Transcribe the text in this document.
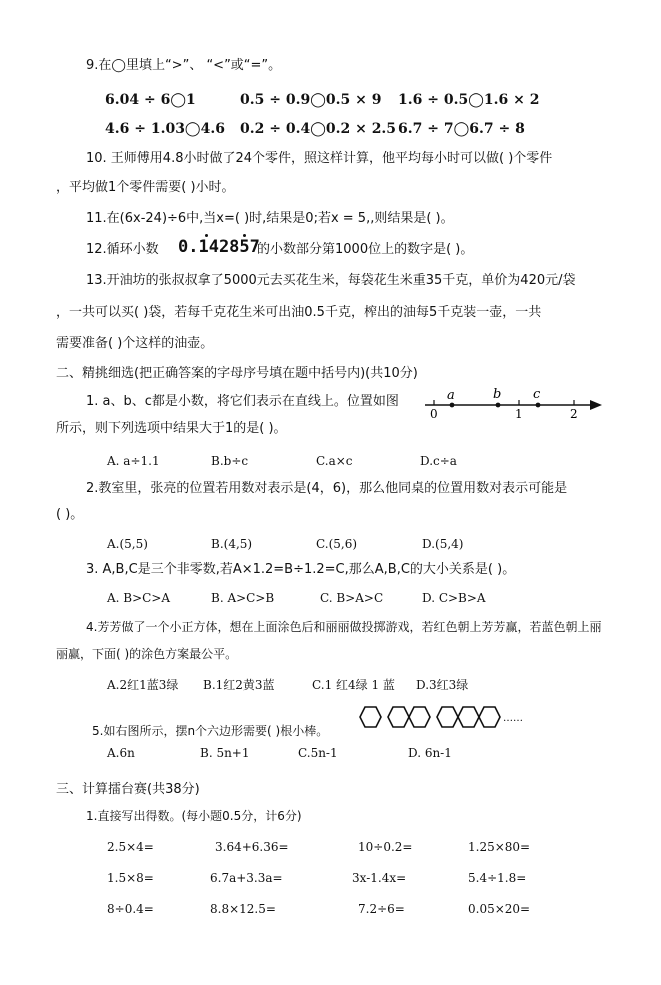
9.在◯里填上“>”、 “<”或“=”。
6.04 ÷ 6◯1	0.5 ÷ 0.9◯0.5 × 9 1.6 ÷ 0.5◯1.6 × 2
4.6 ÷ 1.03◯4.6 0.2 ÷ 0.4◯0.2 × 2.5 6.7 ÷ 7◯6.7 ÷ 8
10. 王师傅用4.8小时做了24个零件，照这样计算，他平均每小时可以做( )个零件
，平均做1个零件需要( )小时。
11.在(6x-24)÷6中,当x=( )时,结果是0;若x = 5,,则结果是( )。
12.循环小数 0.142857
的小数部分第1000位上的数字是( )。
13.开油坊的张叔叔拿了5000元去买花生米，每袋花生米重35千克，单价为420元/袋
，一共可以买( )袋，若每千克花生米可出油0.5千克，榨出的油每5千克装一壶，一共
需要准备( )个这样的油壶。
二、精挑细选(把正确答案的字母序号填在题中括号内)(共10分)
1. a、b、c都是小数，将它们表示在直线上。位置如图
所示，则下列选项中结果大于1的是( )。
a	b c
0	1	2
A. a÷1.1	B.b÷c	C.a×c	D.c÷a
2.教室里，张亮的位置若用数对表示是(4，6)，那么他同桌的位置用数对表示可能是
( )。
A.(5,5)	B.(4,5)	C.(5,6)	D.(5,4)
3. A,B,C是三个非零数,若A×1.2=B÷1.2=C,那么A,B,C的大小关系是( )。
A. B>C>A	B. A>C>B	C. B>A>C	D. C>B>A
4.芳芳做了一个小正方体，想在上面涂色后和丽丽做投掷游戏，若红色朝上芳芳赢，若蓝色朝上丽
丽赢，下面( )的涂色方案最公平。
A.2红1蓝3绿 B.1红2黄3蓝	C.1 红4绿 1 蓝 D.3红3绿
5.如右图所示，摆n个六边形需要( )根小棒。
……
A.6n	B. 5n+1	C.5n-1	D. 6n-1
三、计算擂台赛(共38分)
1.直接写出得数。(每小题0.5分，计6分)
2.5×4=	3.64+6.36=	10÷0.2=	1.25×80=
1.5×8=	6.7a+3.3a=	3x-1.4x=	5.4÷1.8=
8÷0.4=	8.8×12.5=	7.2÷6=	0.05×20=
